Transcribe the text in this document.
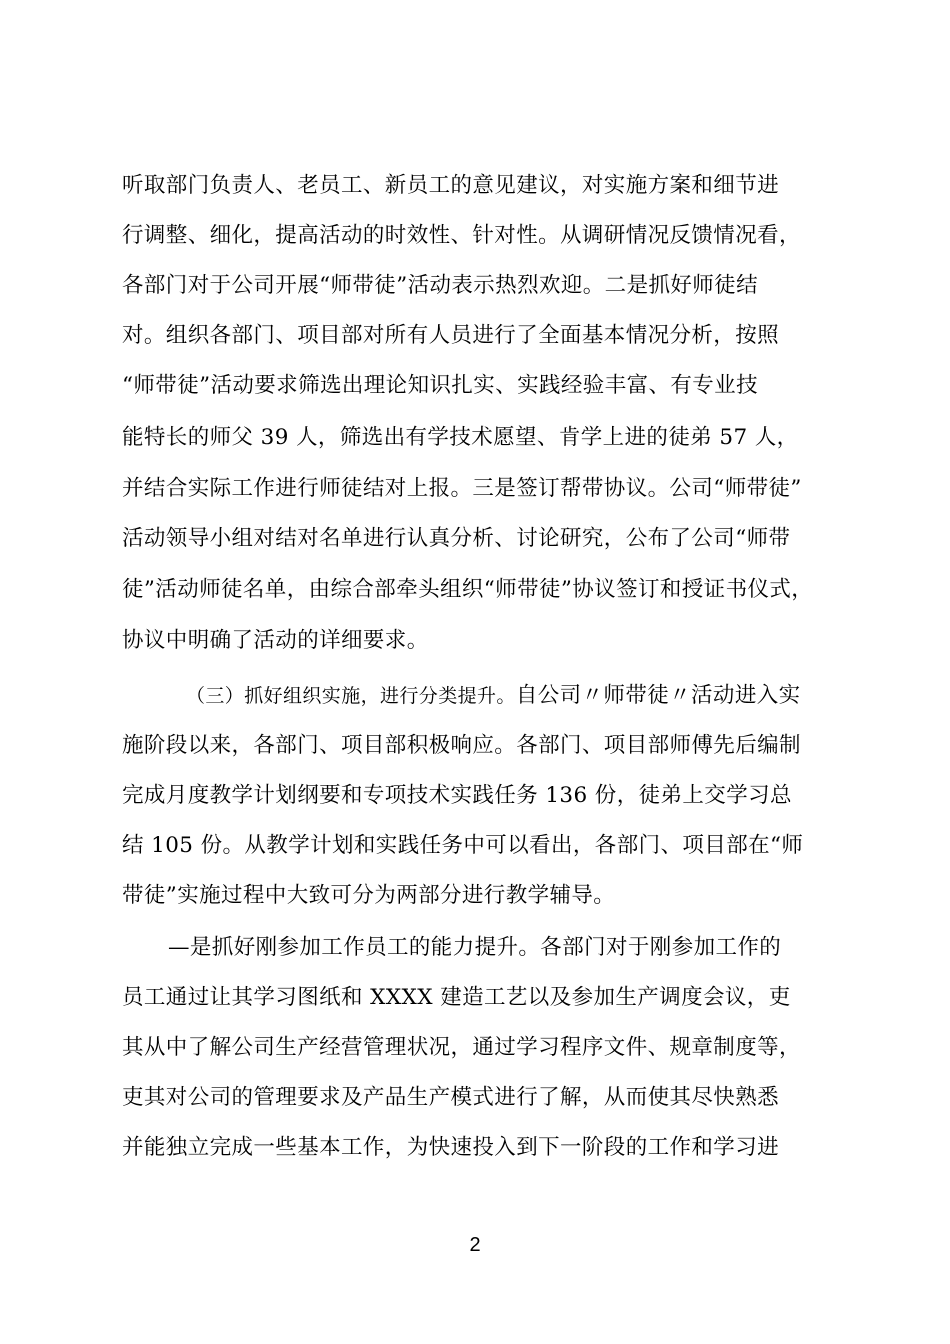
听取部门负责人、老员工、新员工的意见建议，对实施方案和细节进
行调整、细化，提高活动的时效性、针对性。从调研情况反馈情况看，
各部门对于公司开展“师带徒”活动表示热烈欢迎。二是抓好师徒结
对。组织各部门、项目部对所有人员进行了全面基本情况分析，按照
“师带徒”活动要求筛选出理论知识扎实、实践经验丰富、有专业技
能特长的师父 39 人，筛选出有学技术愿望、肯学上进的徒弟 57 人，
并结合实际工作进行师徒结对上报。三是签订帮带协议。公司“师带徒”
活动领导小组对结对名单进行认真分析、讨论研究，公布了公司“师带
徒”活动师徒名单，由综合部牵头组织“师带徒”协议签订和授证书仪式，
协议中明确了活动的详细要求。
（三）抓好组织实施，进行分类提升。自公司〃师带徒〃活动进入实
施阶段以来，各部门、项目部积极响应。各部门、项目部师傅先后编制
完成月度教学计划纲要和专项技术实践任务 136 份，徒弟上交学习总
结 105 份。从教学计划和实践任务中可以看出，各部门、项目部在“师
带徒”实施过程中大致可分为两部分进行教学辅导。
—是抓好刚参加工作员工的能力提升。各部门对于刚参加工作的
员工通过让其学习图纸和 XXXX 建造工艺以及参加生产调度会议，吏
其从中了解公司生产经营管理状况，通过学习程序文件、规章制度等，
吏其对公司的管理要求及产品生产模式进行了解，从而使其尽快熟悉
并能独立完成一些基本工作，为快速投入到下一阶段的工作和学习进
2
